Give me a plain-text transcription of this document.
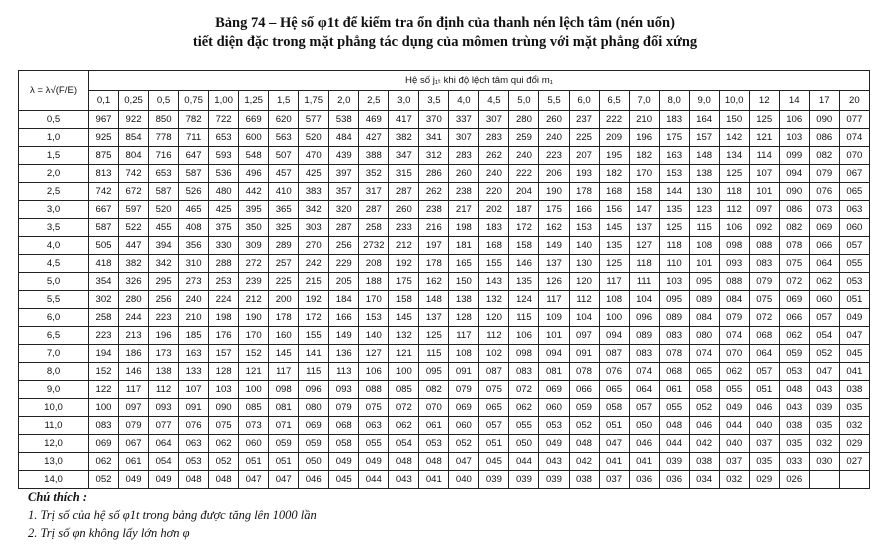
Bảng 74 – Hệ số φ1t để kiểm tra ổn định của thanh nén lệch tâm (nén uốn)
tiết diện đặc trong mặt phẳng tác dụng của mômen trùng với mặt phẳng đối xứng
λ = λ√(F/E)	Hệ số j₁ₜ khi độ lệch tâm qui đổi m₁																									
	0,1	0,25	0,5	0,75	1,00	1,25	1,5	1,75	2,0	2,5	3,0	3,5	4,0	4,5	5,0	5,5	6,0	6,5	7,0	8,0	9,0	10,0	12	14	17	20
0,5	967	922	850	782	722	669	620	577	538	469	417	370	337	307	280	260	237	222	210	183	164	150	125	106	090	077
1,0	925	854	778	711	653	600	563	520	484	427	382	341	307	283	259	240	225	209	196	175	157	142	121	103	086	074
1,5	875	804	716	647	593	548	507	470	439	388	347	312	283	262	240	223	207	195	182	163	148	134	114	099	082	070
2,0	813	742	653	587	536	496	457	425	397	352	315	286	260	240	222	206	193	182	170	153	138	125	107	094	079	067
2,5	742	672	587	526	480	442	410	383	357	317	287	262	238	220	204	190	178	168	158	144	130	118	101	090	076	065
3,0	667	597	520	465	425	395	365	342	320	287	260	238	217	202	187	175	166	156	147	135	123	112	097	086	073	063
3,5	587	522	455	408	375	350	325	303	287	258	233	216	198	183	172	162	153	145	137	125	115	106	092	082	069	060
4,0	505	447	394	356	330	309	289	270	256	2732	212	197	181	168	158	149	140	135	127	118	108	098	088	078	066	057
4,5	418	382	342	310	288	272	257	242	229	208	192	178	165	155	146	137	130	125	118	110	101	093	083	075	064	055
5,0	354	326	295	273	253	239	225	215	205	188	175	162	150	143	135	126	120	117	111	103	095	088	079	072	062	053
5,5	302	280	256	240	224	212	200	192	184	170	158	148	138	132	124	117	112	108	104	095	089	084	075	069	060	051
6,0	258	244	223	210	198	190	178	172	166	153	145	137	128	120	115	109	104	100	096	089	084	079	072	066	057	049
6,5	223	213	196	185	176	170	160	155	149	140	132	125	117	112	106	101	097	094	089	083	080	074	068	062	054	047
7,0	194	186	173	163	157	152	145	141	136	127	121	115	108	102	098	094	091	087	083	078	074	070	064	059	052	045
8,0	152	146	138	133	128	121	117	115	113	106	100	095	091	087	083	081	078	076	074	068	065	062	057	053	047	041
9,0	122	117	112	107	103	100	098	096	093	088	085	082	079	075	072	069	066	065	064	061	058	055	051	048	043	038
10,0	100	097	093	091	090	085	081	080	079	075	072	070	069	065	062	060	059	058	057	055	052	049	046	043	039	035
11,0	083	079	077	076	075	073	071	069	068	063	062	061	060	057	055	053	052	051	050	048	046	044	040	038	035	032
12,0	069	067	064	063	062	060	059	059	058	055	054	053	052	051	050	049	048	047	046	044	042	040	037	035	032	029
13,0	062	061	054	053	052	051	051	050	049	049	048	048	047	045	044	043	042	041	041	039	038	037	035	033	030	027
14,0	052	049	049	048	048	047	047	046	045	044	043	041	040	039	039	039	038	037	036	036	034	032	029	026		
Chú thích :
1. Trị số của hệ số φ1t trong bảng được tăng lên 1000 lần
2. Trị số φn không lấy lớn hơn φ
